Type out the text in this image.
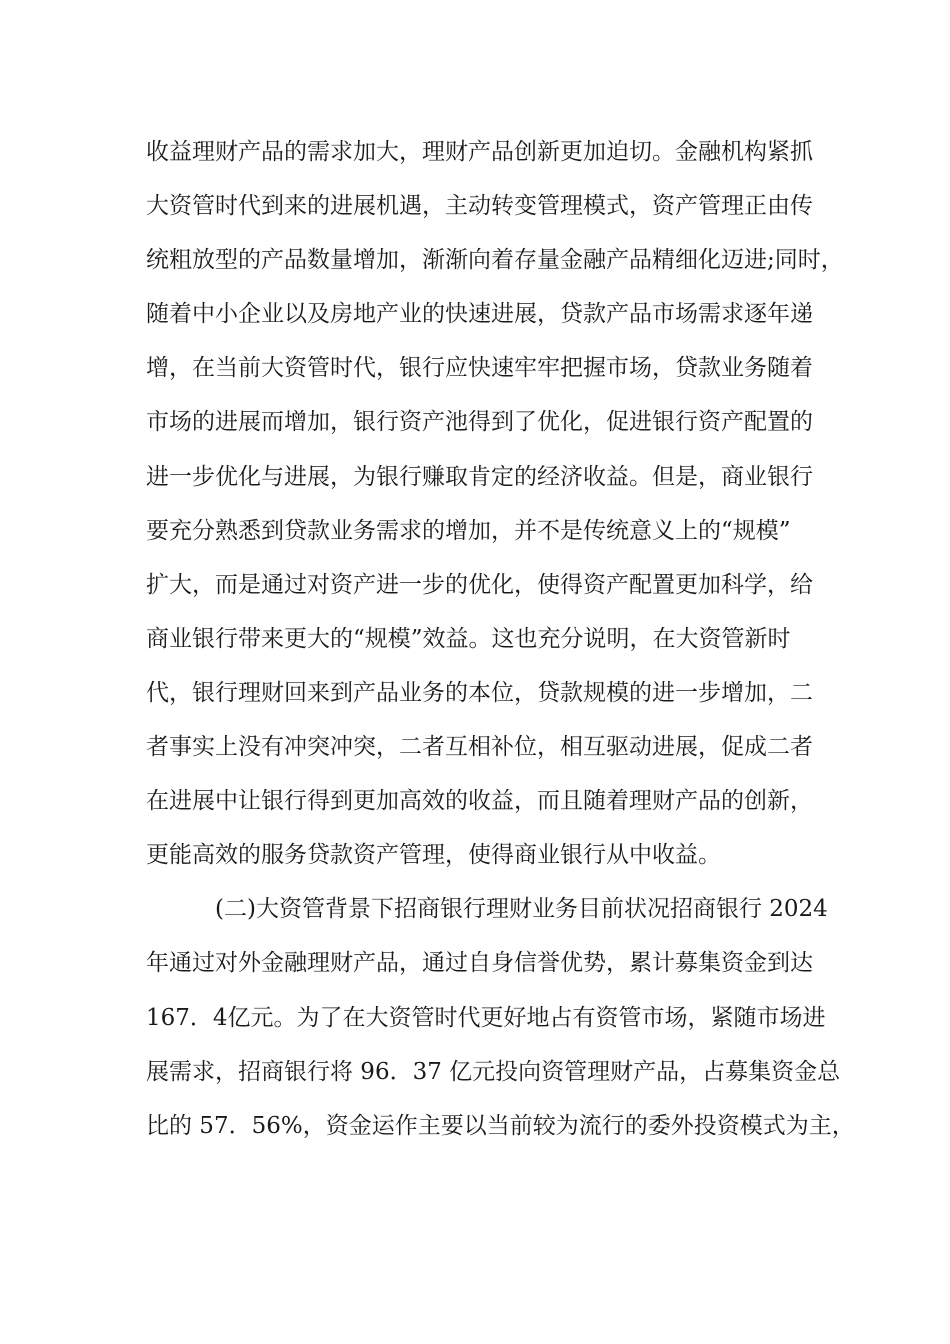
收益理财产品的需求加大，理财产品创新更加迫切。金融机构紧抓
大资管时代到来的进展机遇，主动转变管理模式，资产管理正由传
统粗放型的产品数量增加，渐渐向着存量金融产品精细化迈进;同时，
随着中小企业以及房地产业的快速进展，贷款产品市场需求逐年递
增，在当前大资管时代，银行应快速牢牢把握市场，贷款业务随着
市场的进展而增加，银行资产池得到了优化，促进银行资产配置的
进一步优化与进展，为银行赚取肯定的经济收益。但是，商业银行
要充分熟悉到贷款业务需求的增加，并不是传统意义上的“规模”
扩大，而是通过对资产进一步的优化，使得资产配置更加科学，给
商业银行带来更大的“规模”效益。这也充分说明，在大资管新时
代，银行理财回来到产品业务的本位，贷款规模的进一步增加，二
者事实上没有冲突冲突，二者互相补位，相互驱动进展，促成二者
在进展中让银行得到更加高效的收益，而且随着理财产品的创新，
更能高效的服务贷款资产管理，使得商业银行从中收益。
(二)大资管背景下招商银行理财业务目前状况招商银行 2024
年通过对外金融理财产品，通过自身信誉优势，累计募集资金到达
167．4亿元。为了在大资管时代更好地占有资管市场，紧随市场进
展需求，招商银行将 96．37 亿元投向资管理财产品，占募集资金总
比的 57．56%，资金运作主要以当前较为流行的委外投资模式为主，
